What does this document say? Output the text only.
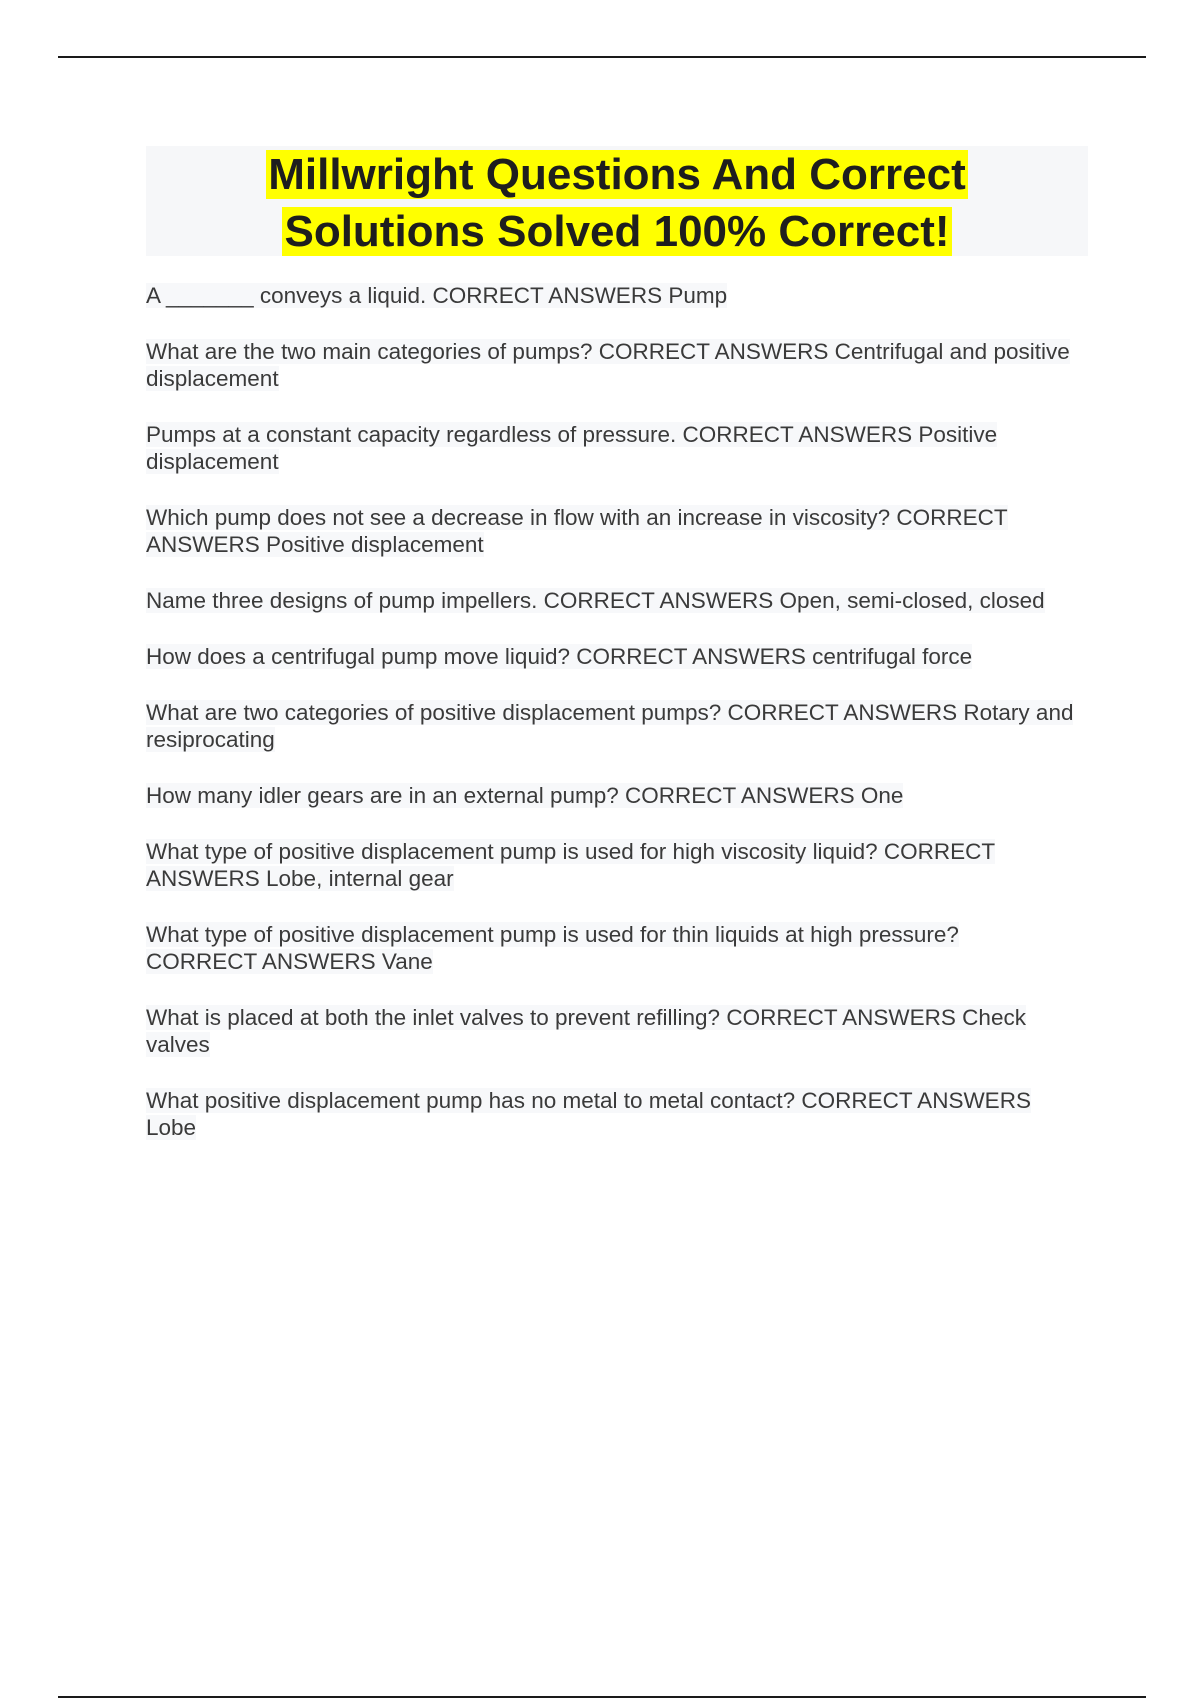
Millwright Questions And Correct
Solutions Solved 100% Correct!
A _______ conveys a liquid. CORRECT ANSWERS Pump
What are the two main categories of pumps? CORRECT ANSWERS Centrifugal and positive displacement
Pumps at a constant capacity regardless of pressure. CORRECT ANSWERS Positive displacement
Which pump does not see a decrease in flow with an increase in viscosity? CORRECT ANSWERS Positive displacement
Name three designs of pump impellers. CORRECT ANSWERS Open, semi-closed, closed
How does a centrifugal pump move liquid? CORRECT ANSWERS centrifugal force
What are two categories of positive displacement pumps? CORRECT ANSWERS Rotary and resiprocating
How many idler gears are in an external pump? CORRECT ANSWERS One
What type of positive displacement pump is used for high viscosity liquid? CORRECT ANSWERS Lobe, internal gear
What type of positive displacement pump is used for thin liquids at high pressure? CORRECT ANSWERS Vane
What is placed at both the inlet valves to prevent refilling? CORRECT ANSWERS Check valves
What positive displacement pump has no metal to metal contact? CORRECT ANSWERS Lobe
